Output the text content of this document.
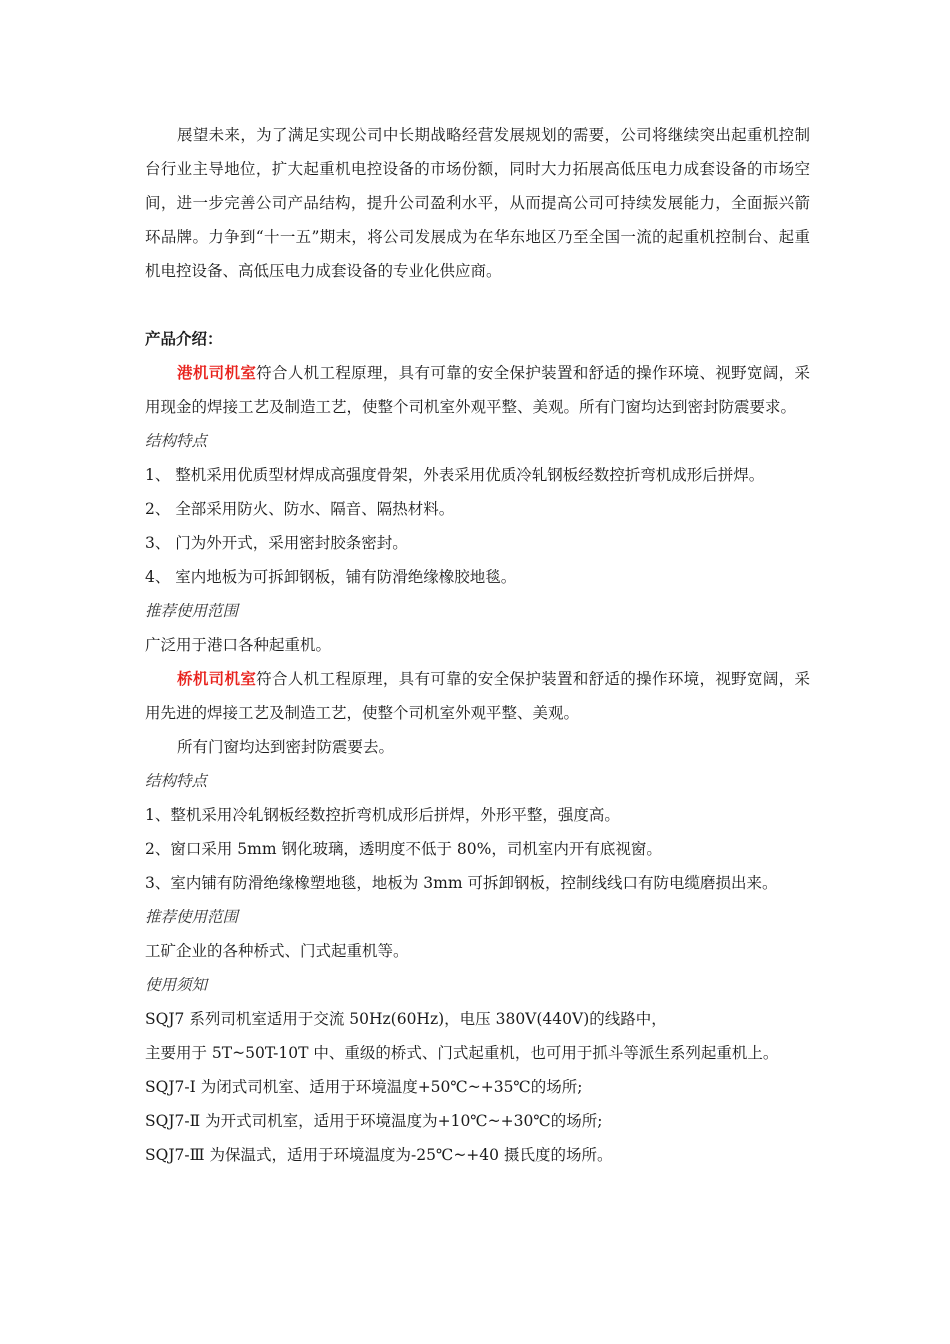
展望未来，为了满足实现公司中长期战略经营发展规划的需要，公司将继续突出起重机控制台行业主导地位，扩大起重机电控设备的市场份额，同时大力拓展高低压电力成套设备的市场空间，进一步完善公司产品结构，提升公司盈利水平，从而提高公司可持续发展能力，全面振兴箭环品牌。力争到“十一五”期末，将公司发展成为在华东地区乃至全国一流的起重机控制台、起重机电控设备、高低压电力成套设备的专业化供应商。

产品介绍：

港机司机室符合人机工程原理，具有可靠的安全保护装置和舒适的操作环境、视野宽阔，采用现金的焊接工艺及制造工艺，使整个司机室外观平整、美观。所有门窗均达到密封防震要求。

结构特点

1、 整机采用优质型材焊成高强度骨架，外表采用优质冷轧钢板经数控折弯机成形后拼焊。

2、 全部采用防火、防水、隔音、隔热材料。

3、 门为外开式，采用密封胶条密封。

4、 室内地板为可拆卸钢板，铺有防滑绝缘橡胶地毯。

推荐使用范围

广泛用于港口各种起重机。

桥机司机室符合人机工程原理，具有可靠的安全保护装置和舒适的操作环境，视野宽阔，采用先进的焊接工艺及制造工艺，使整个司机室外观平整、美观。

所有门窗均达到密封防震要去。

结构特点

1、整机采用冷轧钢板经数控折弯机成形后拼焊，外形平整，强度高。

2、窗口采用 5mm 钢化玻璃，透明度不低于 80%，司机室内开有底视窗。

3、室内铺有防滑绝缘橡塑地毯，地板为 3mm 可拆卸钢板，控制线线口有防电缆磨损出来。

推荐使用范围

工矿企业的各种桥式、门式起重机等。

使用须知

SQJ7 系列司机室适用于交流 50Hz(60Hz)，电压 380V(440V)的线路中，

主要用于 5T~50T-10T 中、重级的桥式、门式起重机，也可用于抓斗等派生系列起重机上。

SQJ7-Ⅰ 为闭式司机室、适用于环境温度+50℃~+35℃的场所;

SQJ7-Ⅱ 为开式司机室，适用于环境温度为+10℃~+30℃的场所;

SQJ7-Ⅲ 为保温式，适用于环境温度为-25℃~+40 摄氏度的场所。
